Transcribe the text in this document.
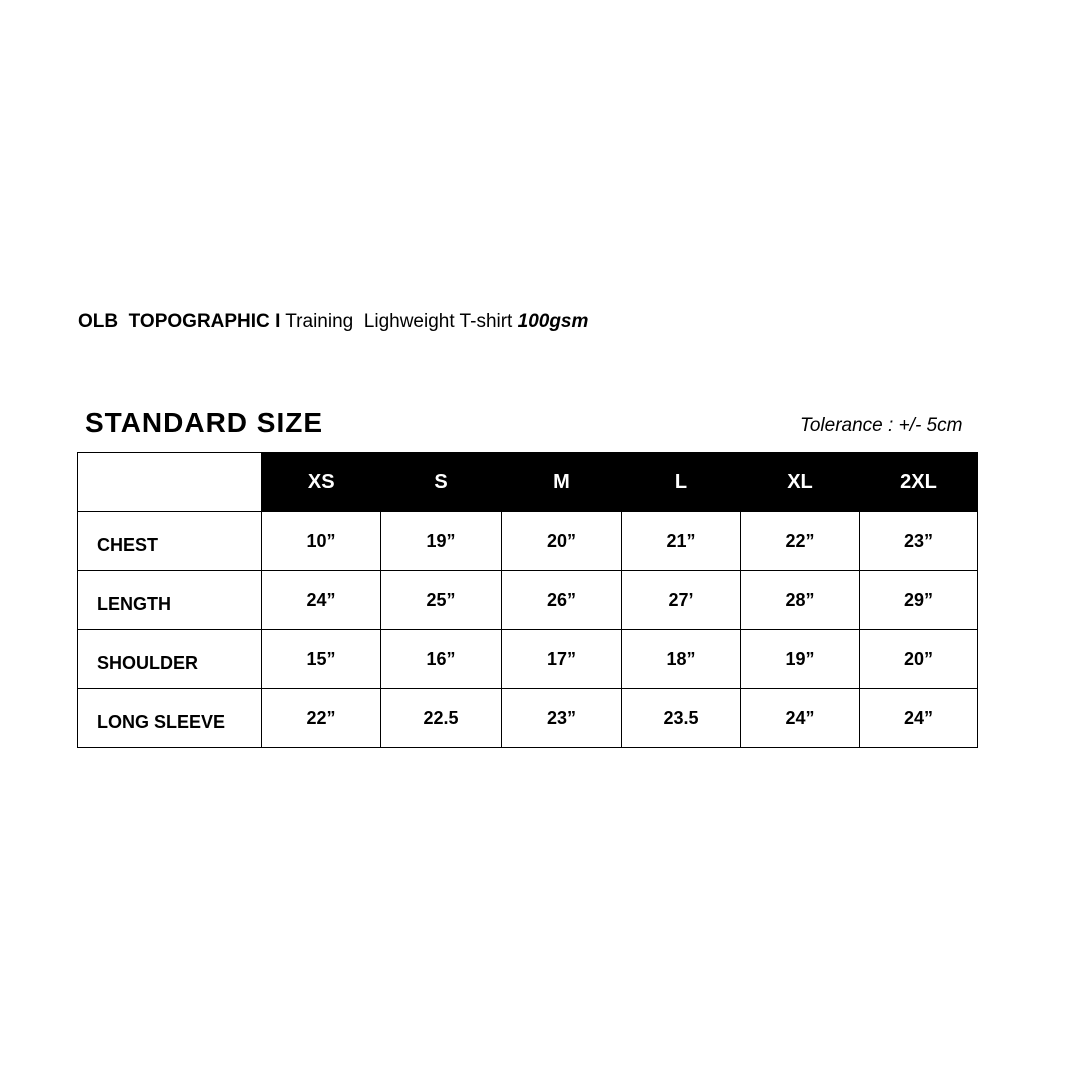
OLB TOPOGRAPHIC I Training  Lighweight T-shirt 100gsm
STANDARD SIZE	Tolerance : +/- 5cm
	XS	S	M	L	XL	2XL
CHEST	10”	19”	20”	21”	22”	23”
LENGTH	24”	25”	26”	27’	28”	29”
SHOULDER	15”	16”	17”	18”	19”	20”
LONG SLEEVE	22”	22.5	23”	23.5	24”	24”
